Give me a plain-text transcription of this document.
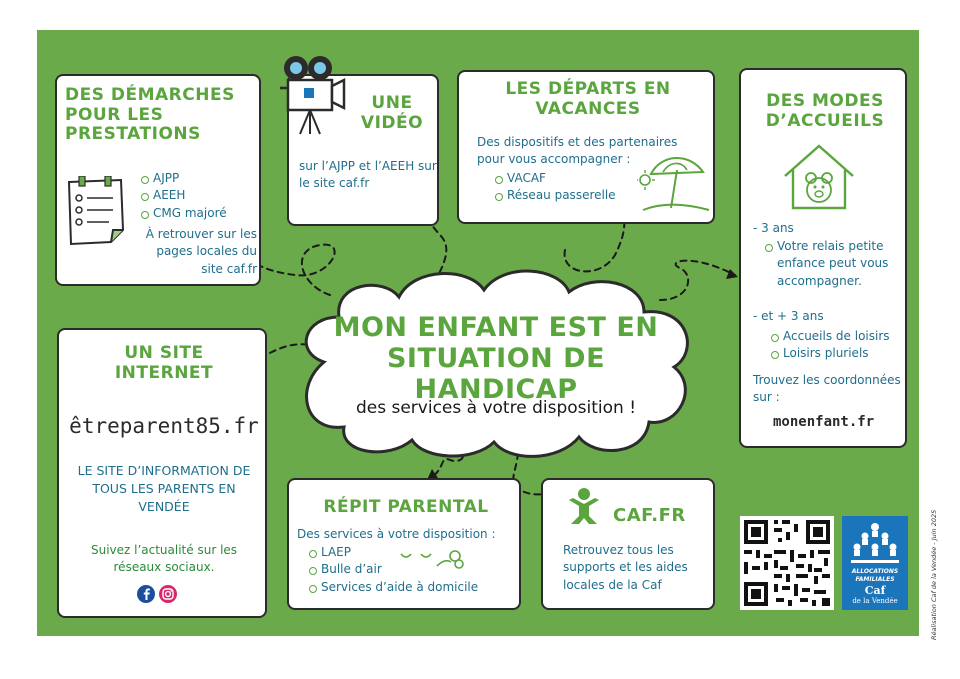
DES DÉMARCHES POUR LES PRESTATIONS
AJPP
AEEH
CMG majoré
À retrouver sur les pages locales du site caf.fr
UNE VIDÉO
sur l’AJPP et l’AEEH sur le site caf.fr
LES DÉPARTS EN VACANCES
Des dispositifs et des partenaires pour vous accompagner :
VACAF
Réseau passerelle
DES MODES D’ACCUEILS
- 3 ans
Votre relais petite enfance peut vous accompagner.
- et + 3 ans
Accueils de loisirs
Loisirs pluriels
Trouvez les coordonnées sur :
monenfant.fr
MON ENFANT EST EN SITUATION DE HANDICAP
des services à votre disposition !
UN SITE INTERNET
êtreparent85.fr
LE SITE D’INFORMATION DE TOUS LES PARENTS EN VENDÉE
Suivez l’actualité sur les réseaux sociaux.
RÉPIT PARENTAL
Des services à votre disposition :
LAEP
Bulle d’air
Services d’aide à domicile
CAF.FR
Retrouvez tous les supports et les aides locales de la Caf
ALLOCATIONS
FAMILIALES
Caf
de la Vendée	Réalisation Caf de la Vendée - Juin 2025
